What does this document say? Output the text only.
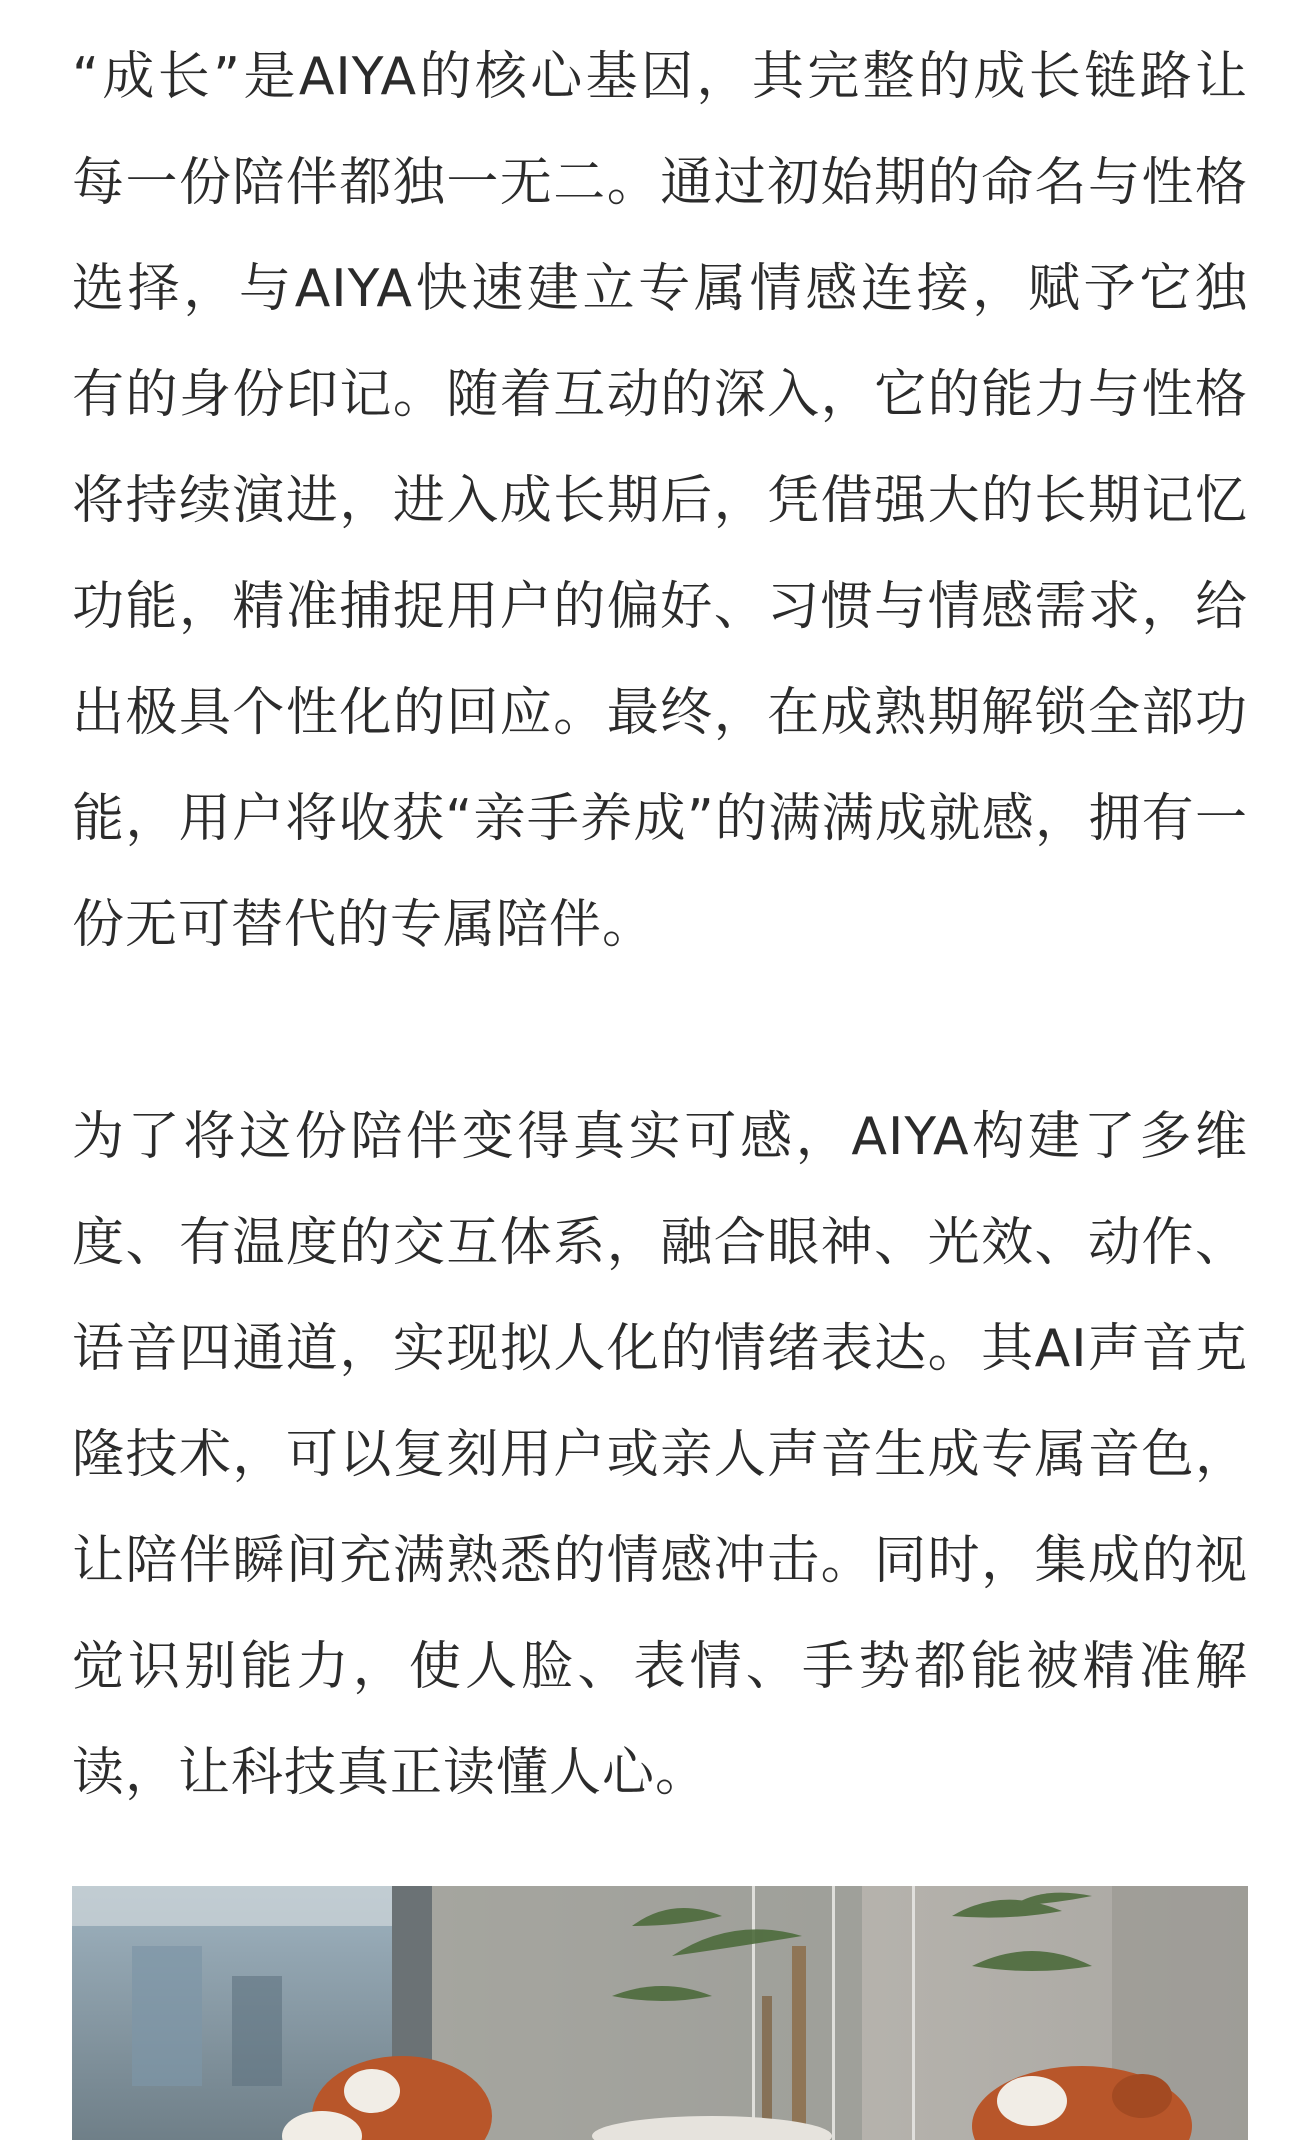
“成长”是AIYA的核心基因，其完整的成长链路让每一份陪伴都独一无二。通过初始期的命名与性格选择，与AIYA快速建立专属情感连接，赋予它独有的身份印记。随着互动的深入，它的能力与性格将持续演进，进入成长期后，凭借强大的长期记忆功能，精准捕捉用户的偏好、习惯与情感需求，给出极具个性化的回应。最终，在成熟期解锁全部功能，用户将收获“亲手养成”的满满成就感，拥有一份无可替代的专属陪伴。

为了将这份陪伴变得真实可感，AIYA构建了多维度、有温度的交互体系，融合眼神、光效、动作、语音四通道，实现拟人化的情绪表达。其AI声音克隆技术，可以复刻用户或亲人声音生成专属音色，让陪伴瞬间充满熟悉的情感冲击。同时，集成的视觉识别能力，使人脸、表情、手势都能被精准解读，让科技真正读懂人心。
